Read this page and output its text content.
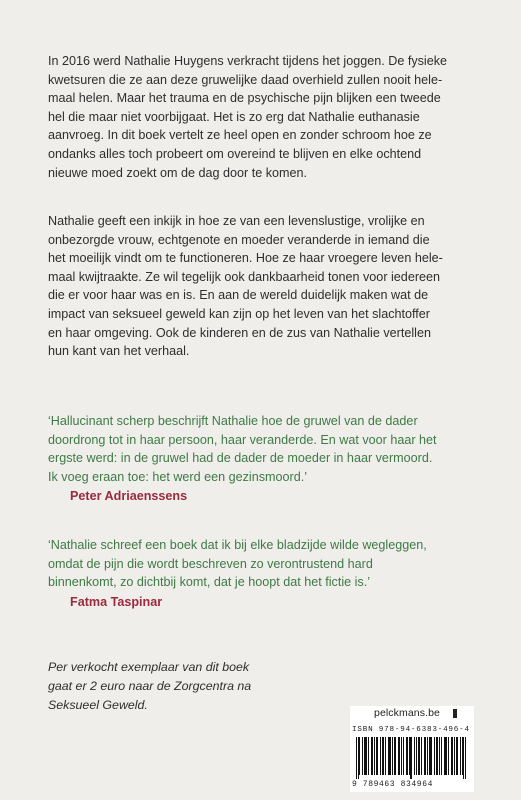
In 2016 werd Nathalie Huygens verkracht tijdens het joggen. De fysieke
kwetsuren die ze aan deze gruwelijke daad overhield zullen nooit hele-
maal helen. Maar het trauma en de psychische pijn blijken een tweede
hel die maar niet voorbijgaat. Het is zo erg dat Nathalie euthanasie
aanvroeg. In dit boek vertelt ze heel open en zonder schroom hoe ze
ondanks alles toch probeert om overeind te blijven en elke ochtend
nieuwe moed zoekt om de dag door te komen.

Nathalie geeft een inkijk in hoe ze van een levenslustige, vrolijke en
onbezorgde vrouw, echtgenote en moeder veranderde in iemand die
het moeilijk vindt om te functioneren. Hoe ze haar vroegere leven hele-
maal kwijtraakte. Ze wil tegelijk ook dankbaarheid tonen voor iedereen
die er voor haar was en is. En aan de wereld duidelijk maken wat de
impact van seksueel geweld kan zijn op het leven van het slachtoffer
en haar omgeving. Ook de kinderen en de zus van Nathalie vertellen
hun kant van het verhaal.

‘Hallucinant scherp beschrijft Nathalie hoe de gruwel van de dader
doordrong tot in haar persoon, haar veranderde. En wat voor haar het
ergste werd: in de gruwel had de dader de moeder in haar vermoord.
Ik voeg eraan toe: het werd een gezinsmoord.’
Peter Adriaenssens
‘Nathalie schreef een boek dat ik bij elke bladzijde wilde wegleggen,
omdat de pijn die wordt beschreven zo verontrustend hard
binnenkomt, zo dichtbij komt, dat je hoopt dat het fictie is.’
Fatma Taspinar
Per verkocht exemplaar van dit boek
gaat er 2 euro naar de Zorgcentra na
Seksueel Geweld.
pelckmans.be
ISBN 978-94-6383-496-4
9 789463 834964
